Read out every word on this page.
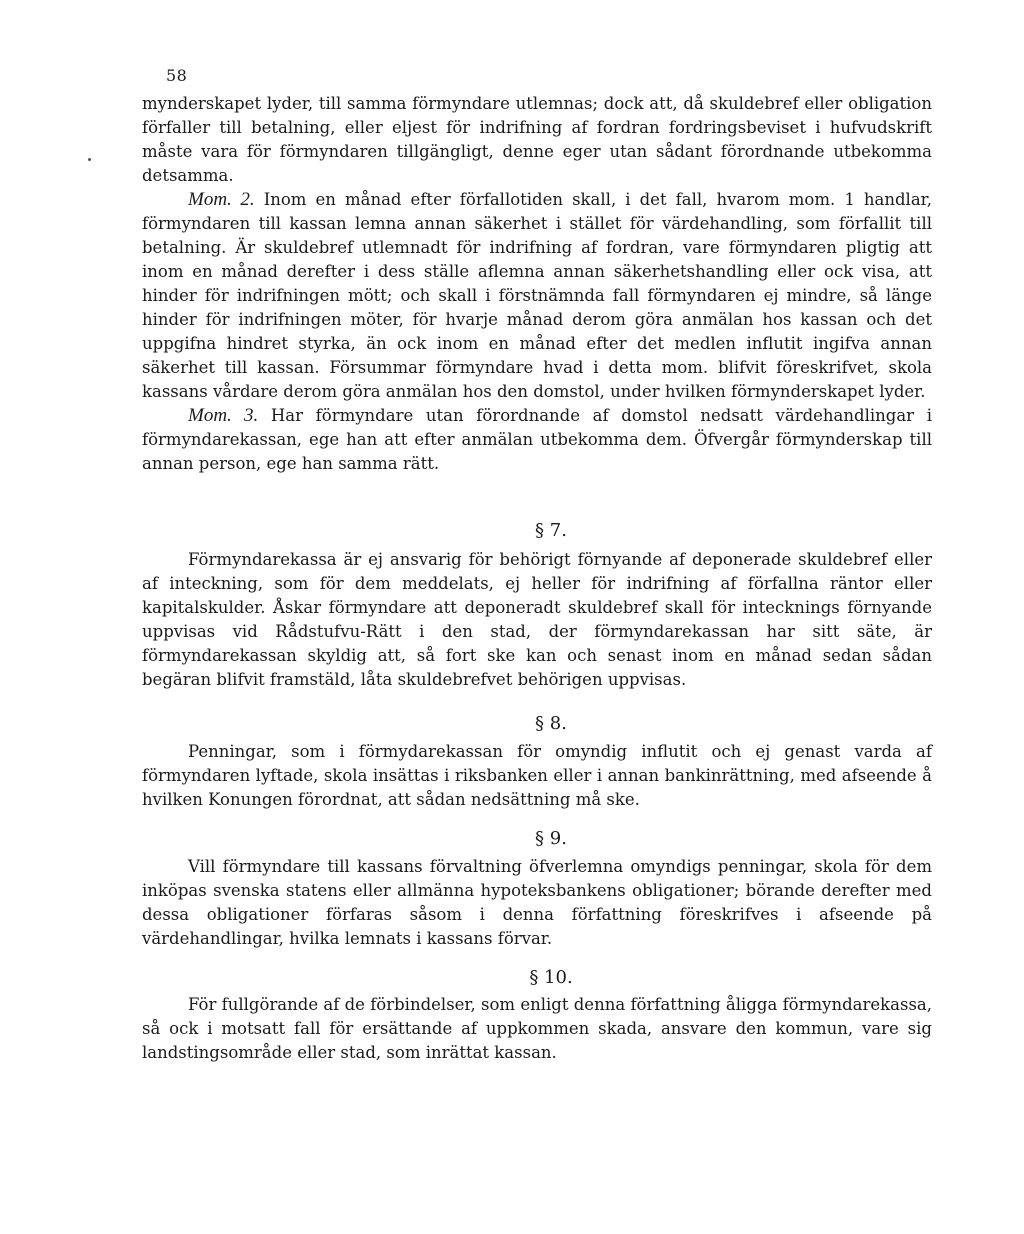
58

mynderskapet lyder, till samma förmyndare utlemnas; dock att, då skuldebref eller obligation förfaller till betalning, eller eljest för indrifning af fordran fordringsbeviset i hufvudskrift måste vara för förmyndaren tillgängligt, denne eger utan sådant förordnande utbekomma detsamma.

Mom. 2. Inom en månad efter förfallotiden skall, i det fall, hvarom mom. 1 handlar, förmyndaren till kassan lemna annan säkerhet i stället för värdehandling, som förfallit till betalning. Är skuldebref utlemnadt för indrifning af fordran, vare förmyndaren pligtig att inom en månad derefter i dess ställe aflemna annan säkerhetshandling eller ock visa, att hinder för indrifningen mött; och skall i förstnämnda fall förmyndaren ej mindre, så länge hinder för indrifningen möter, för hvarje månad derom göra anmälan hos kassan och det uppgifna hindret styrka, än ock inom en månad efter det medlen influtit ingifva annan säkerhet till kassan. Försummar förmyndare hvad i detta mom. blifvit föreskrifvet, skola kassans vårdare derom göra anmälan hos den domstol, under hvilken förmynderskapet lyder.

Mom. 3. Har förmyndare utan förordnande af domstol nedsatt värdehandlingar i förmyndarekassan, ege han att efter anmälan utbekomma dem. Öfvergår förmynderskap till annan person, ege han samma rätt.

§ 7.

Förmyndarekassa är ej ansvarig för behörigt förnyande af deponerade skuldebref eller af inteckning, som för dem meddelats, ej heller för indrifning af förfallna räntor eller kapitalskulder. Åskar förmyndare att deponeradt skuldebref skall för intecknings förnyande uppvisas vid Rådstufvu-Rätt i den stad, der förmyndarekassan har sitt säte, är förmyndarekassan skyldig att, så fort ske kan och senast inom en månad sedan sådan begäran blifvit framstäld, låta skuldebrefvet behörigen uppvisas.

§ 8.

Penningar, som i förmydarekassan för omyndig influtit och ej genast varda af förmyndaren lyftade, skola insättas i riksbanken eller i annan bankinrättning, med afseende å hvilken Konungen förordnat, att sådan nedsättning må ske.

§ 9.

Vill förmyndare till kassans förvaltning öfverlemna omyndigs penningar, skola för dem inköpas svenska statens eller allmänna hypoteksbankens obligationer; börande derefter med dessa obligationer förfaras såsom i denna författning föreskrifves i afseende på värdehandlingar, hvilka lemnats i kassans förvar.

§ 10.

För fullgörande af de förbindelser, som enligt denna författning åligga förmyndarekassa, så ock i motsatt fall för ersättande af uppkommen skada, ansvare den kommun, vare sig landstingsområde eller stad, som inrättat kassan.
